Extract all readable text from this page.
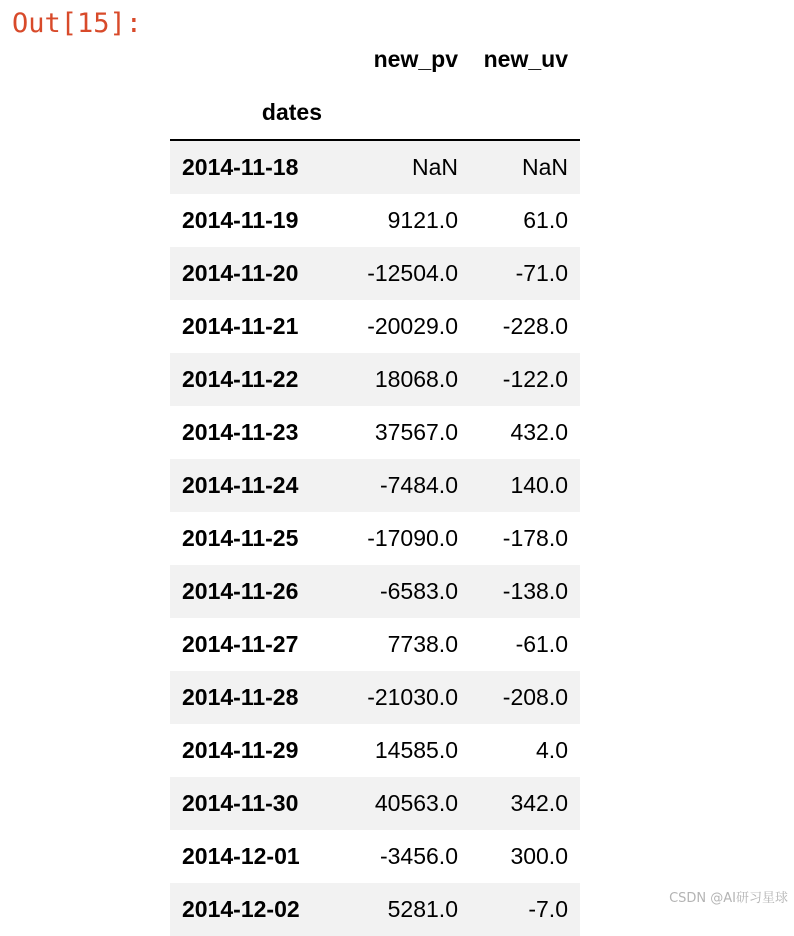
Out[15]:
	new_pv	new_uv
dates		
2014-11-18	NaN	NaN
2014-11-19	9121.0	61.0
2014-11-20	-12504.0	-71.0
2014-11-21	-20029.0	-228.0
2014-11-22	18068.0	-122.0
2014-11-23	37567.0	432.0
2014-11-24	-7484.0	140.0
2014-11-25	-17090.0	-178.0
2014-11-26	-6583.0	-138.0
2014-11-27	7738.0	-61.0
2014-11-28	-21030.0	-208.0
2014-11-29	14585.0	4.0
2014-11-30	40563.0	342.0
2014-12-01	-3456.0	300.0
2014-12-02	5281.0	-7.0	CSDN @AI研习星球
